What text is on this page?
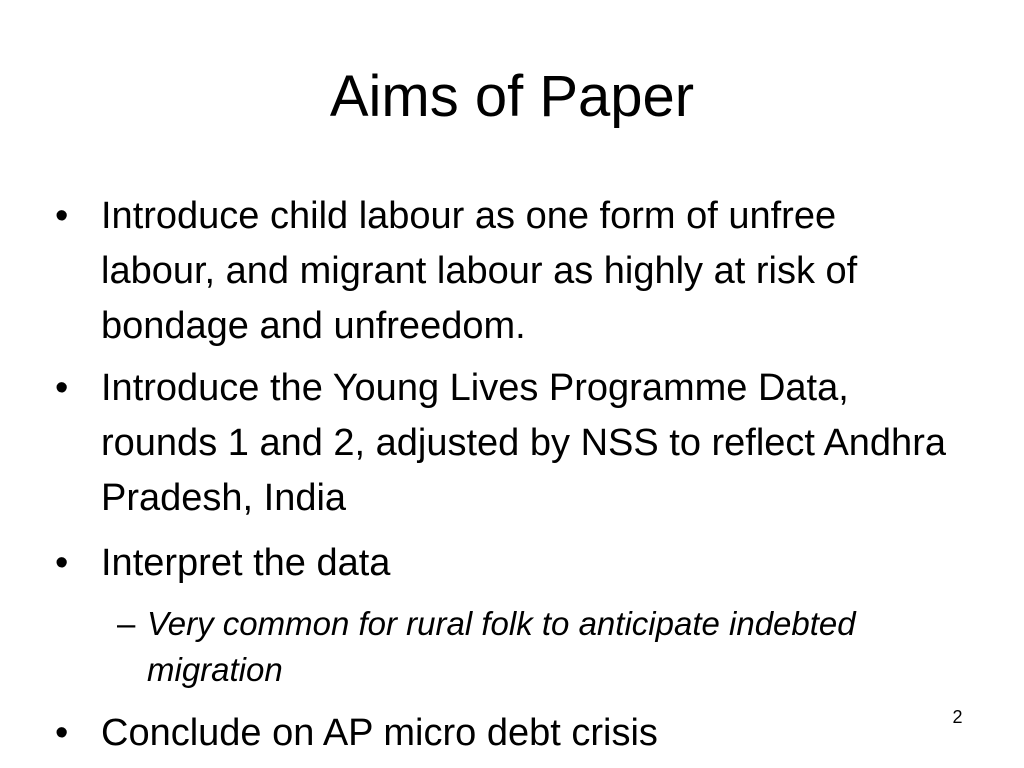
Aims of Paper
• Introduce child labour as one form of unfree labour, and migrant labour as highly at risk of bondage and unfreedom.
• Introduce the Young Lives Programme Data, rounds 1 and 2, adjusted by NSS to reflect Andhra Pradesh, India
• Interpret the data
– Very common for rural folk to anticipate indebted migration
• Conclude on AP micro debt crisis	2
